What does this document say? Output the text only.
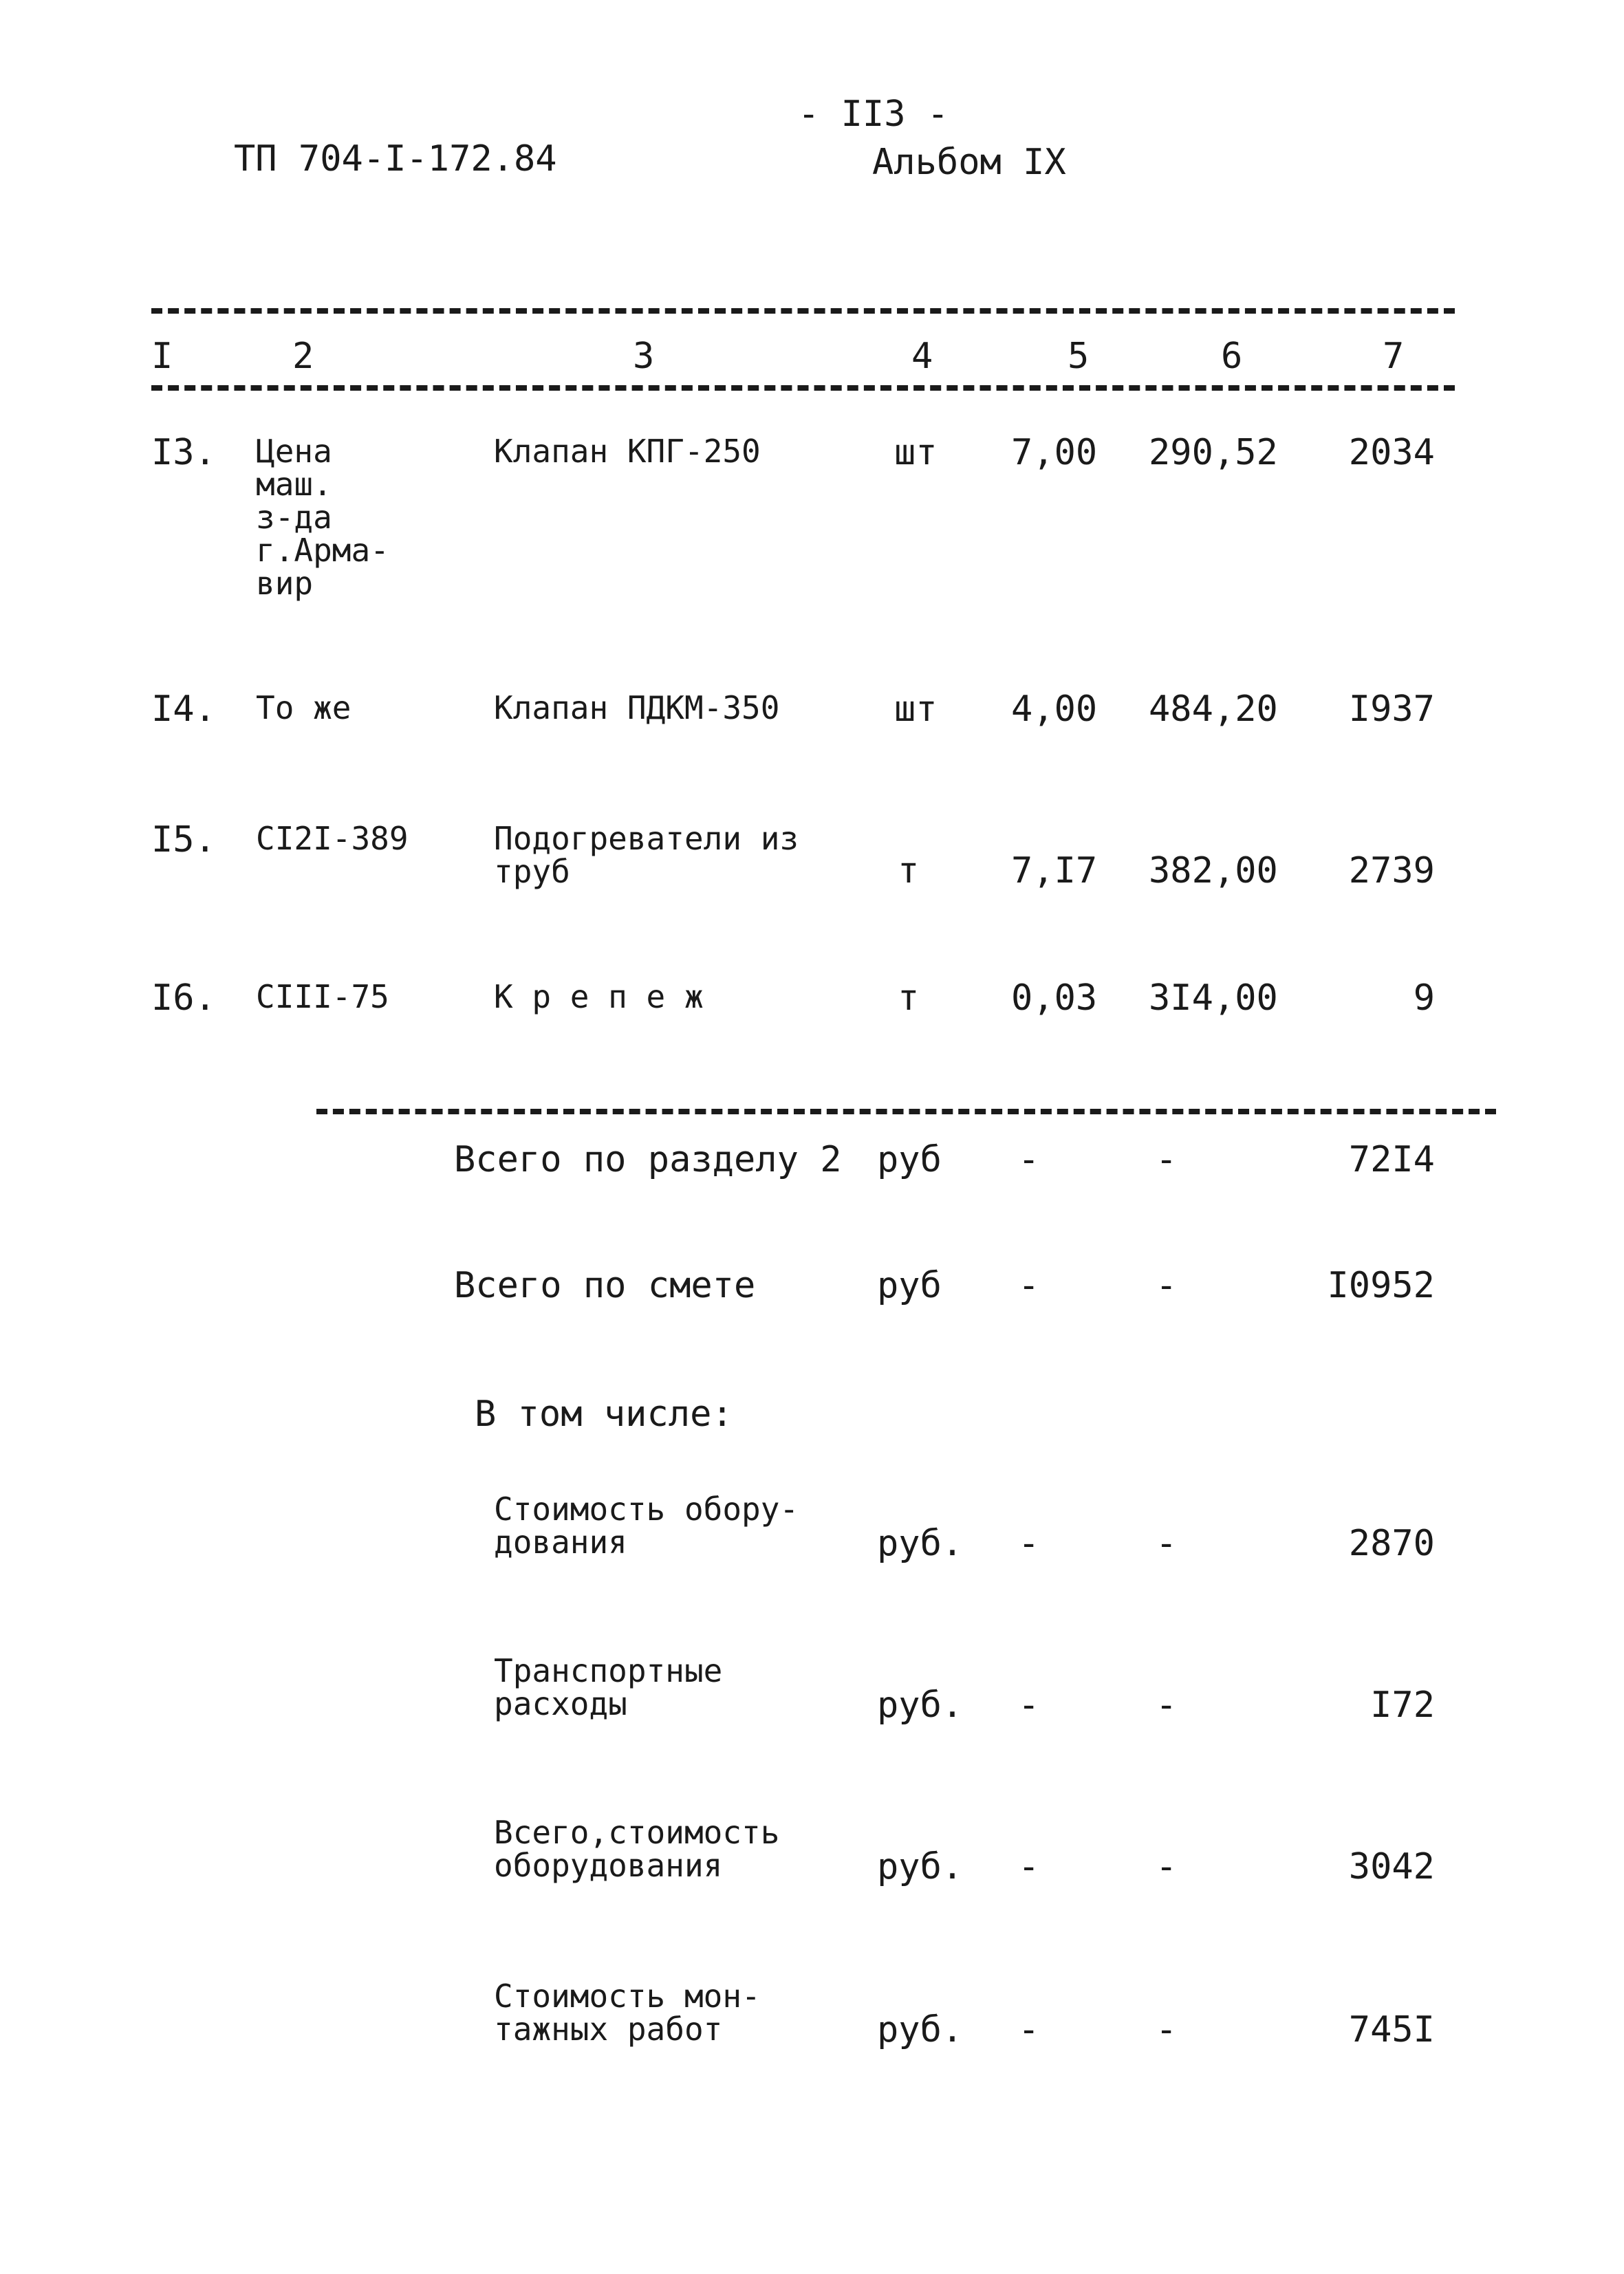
ТП 704-I-172.84
- II3 -
Альбом IX
I	2	3	4	5	6	7
I3. Цена
маш.
з-да
г.Арма-
вир
Клапан КПГ-250	шт 7,00 290,52 2034
I4. То же	Клапан ПДКМ-350	шт 4,00 484,20 I937
I5. CI2I-389	Подогреватели из
труб	т	7,I7 382,00 2739
I6. CIII-75	К р е п е ж	т	0,03 3I4,00	9
Всего по разделу 2 руб -	-	72I4
Всего по смете	руб -	-	I0952
В том числе:
Стоимость обору-
дования	руб. -	-	2870
Транспортные
расходы	руб. -	-	I72
Всего,стоимость
оборудования	руб. -	-	3042
Стоимость мон-
тажных работ	руб. -	-	745I
